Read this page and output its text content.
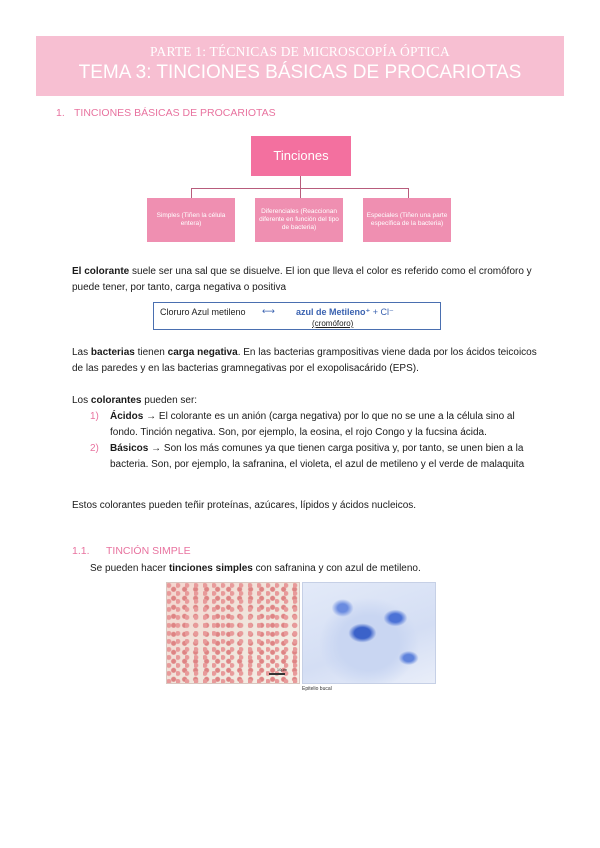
PARTE 1: TÉCNICAS DE MICROSCOPÍA ÓPTICA
TEMA 3: TINCIONES BÁSICAS DE PROCARIOTAS
1. TINCIONES BÁSICAS DE PROCARIOTAS
Tinciones
Simples (Tiñen la célula entera)
Diferenciales (Reaccionan diferente en función del tipo de bacteria)
Especiales (Tiñen una parte específica de la bacteria)
El colorante suele ser una sal que se disuelve. El ion que lleva el color es referido como el cromóforo y puede tener, por tanto, carga negativa o positiva
Cloruro Azul metileno ⟷ azul de Metileno⁺ + Cl⁻
(cromóforo)
Las bacterias tienen carga negativa. En las bacterias grampositivas viene dada por los ácidos teicoicos de las paredes y en las bacterias gramnegativas por el exopolisacárido (EPS).
Los colorantes pueden ser:
1) Ácidos → El colorante es un anión (carga negativa) por lo que no se une a la célula sino al fondo. Tinción negativa. Son, por ejemplo, la eosina, el rojo Congo y la fucsina ácida.
2) Básicos → Son los más comunes ya que tienen carga positiva y, por tanto, se unen bien a la bacteria. Son, por ejemplo, la safranina, el violeta, el azul de metileno y el verde de malaquita
Estos colorantes pueden teñir proteínas, azúcares, lípidos y ácidos nucleicos.
1.1. TINCIÓN SIMPLE
Se pueden hacer tinciones simples con safranina y con azul de metileno.
10µm
Epitelio bucal
